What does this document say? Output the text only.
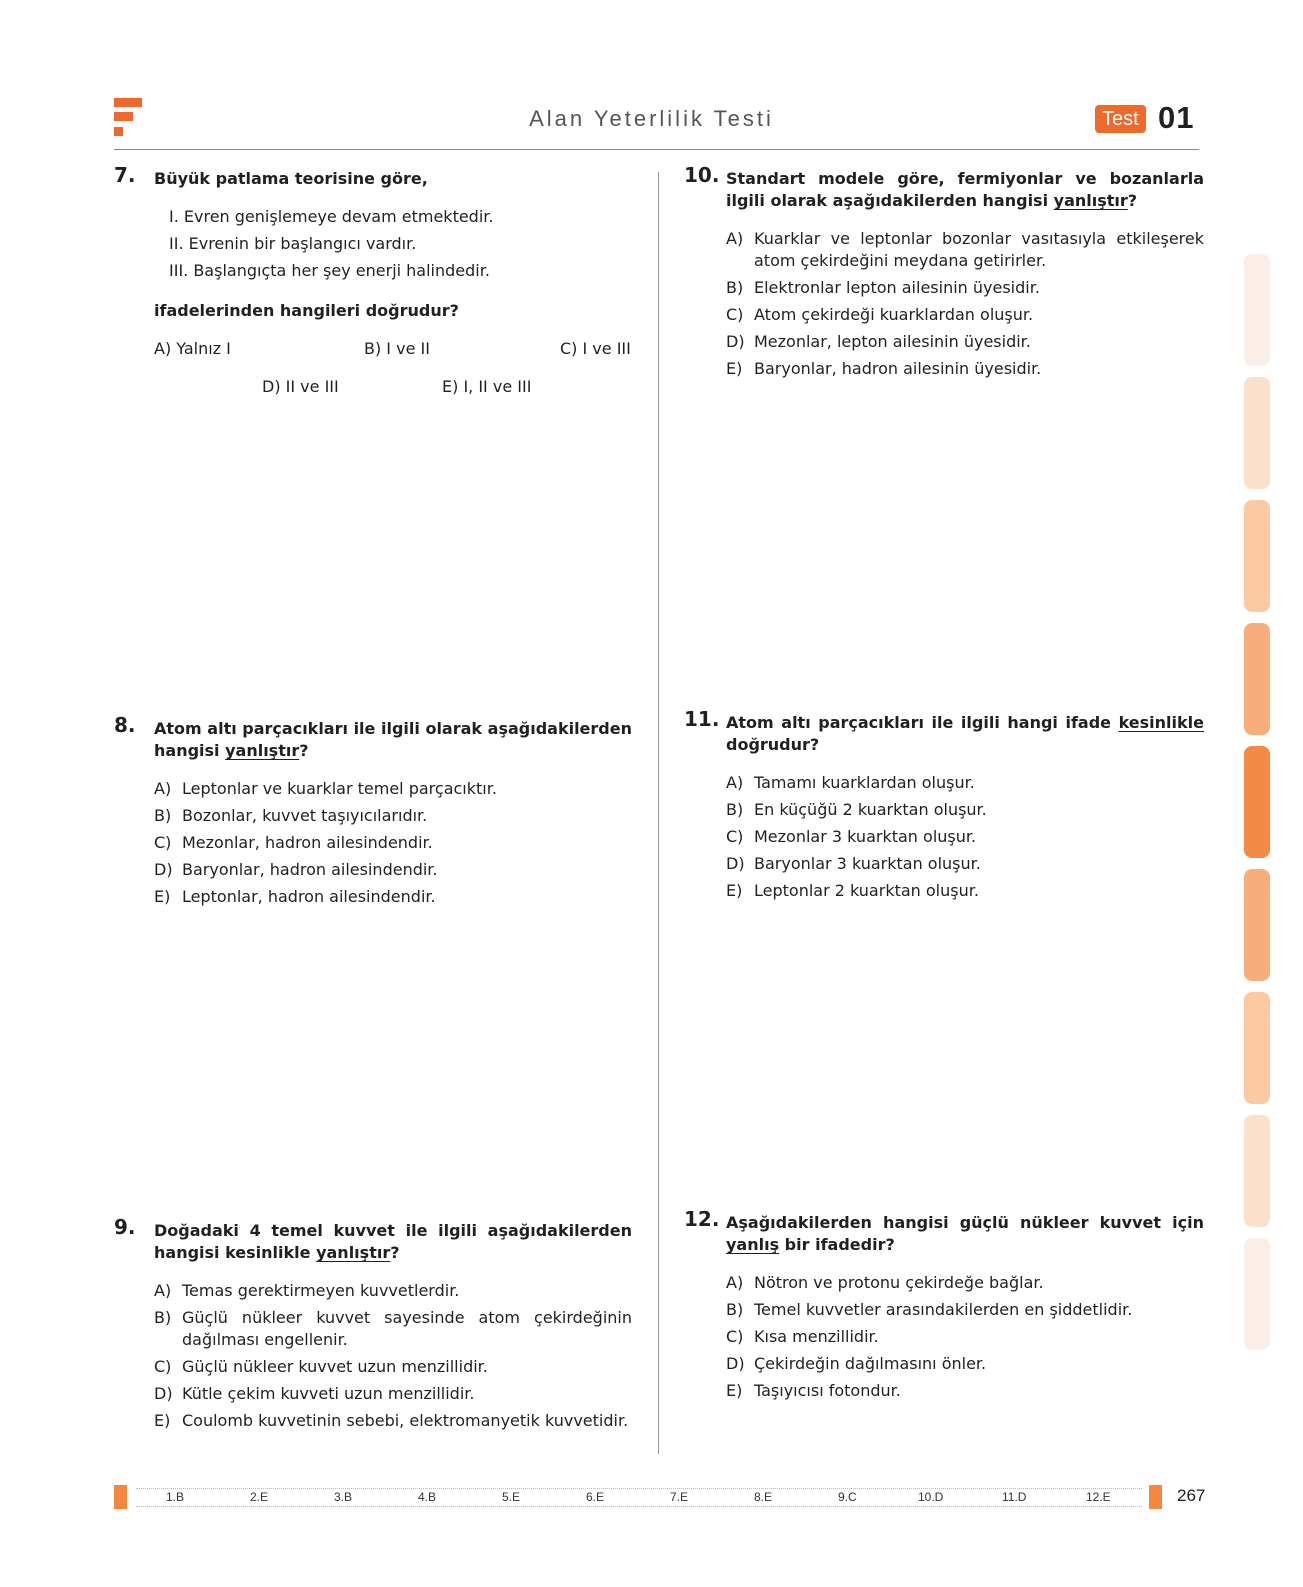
Alan Yeterlilik Testi	Test 01
7. Büyük patlama teorisine göre,

I. Evren genişlemeye devam etmektedir.
II. Evrenin bir başlangıcı vardır.
III. Başlangıçta her şey enerji halindedir.

ifadelerinden hangileri doğrudur?

A) Yalnız I	B) I ve II	C) I ve III
D) II ve III	E) I, II ve III
8. Atom altı parçacıkları ile ilgili olarak aşağıdakilerden hangisi yanlıştır?

A) Leptonlar ve kuarklar temel parçacıktır.
B) Bozonlar, kuvvet taşıyıcılarıdır.
C) Mezonlar, hadron ailesindendir.
D) Baryonlar, hadron ailesindendir.
E) Leptonlar, hadron ailesindendir.
9. Doğadaki 4 temel kuvvet ile ilgili aşağıdakilerden hangisi kesinlikle yanlıştır?

A) Temas gerektirmeyen kuvvetlerdir.
B) Güçlü nükleer kuvvet sayesinde atom çekirdeğinin dağılması engellenir.
C) Güçlü nükleer kuvvet uzun menzillidir.
D) Kütle çekim kuvveti uzun menzillidir.
E) Coulomb kuvvetinin sebebi, elektromanyetik kuvvetidir.
10. Standart modele göre, fermiyonlar ve bozanlarla ilgili olarak aşağıdakilerden hangisi yanlıştır?

A) Kuarklar ve leptonlar bozonlar vasıtasıyla etkileşerek atom çekirdeğini meydana getirirler.
B) Elektronlar lepton ailesinin üyesidir.
C) Atom çekirdeği kuarklardan oluşur.
D) Mezonlar, lepton ailesinin üyesidir.
E) Baryonlar, hadron ailesinin üyesidir.
11. Atom altı parçacıkları ile ilgili hangi ifade kesinlikle doğrudur?

A) Tamamı kuarklardan oluşur.
B) En küçüğü 2 kuarktan oluşur.
C) Mezonlar 3 kuarktan oluşur.
D) Baryonlar 3 kuarktan oluşur.
E) Leptonlar 2 kuarktan oluşur.
12. Aşağıdakilerden hangisi güçlü nükleer kuvvet için yanlış bir ifadedir?

A) Nötron ve protonu çekirdeğe bağlar.
B) Temel kuvvetler arasındakilerden en şiddetlidir.
C) Kısa menzillidir.
D) Çekirdeğin dağılmasını önler.
E) Taşıyıcısı fotondur.
1.B	2.E	3.B	4.B	5.E	6.E	7.E	8.E	9.C	10.D	11.D	12.E	267
